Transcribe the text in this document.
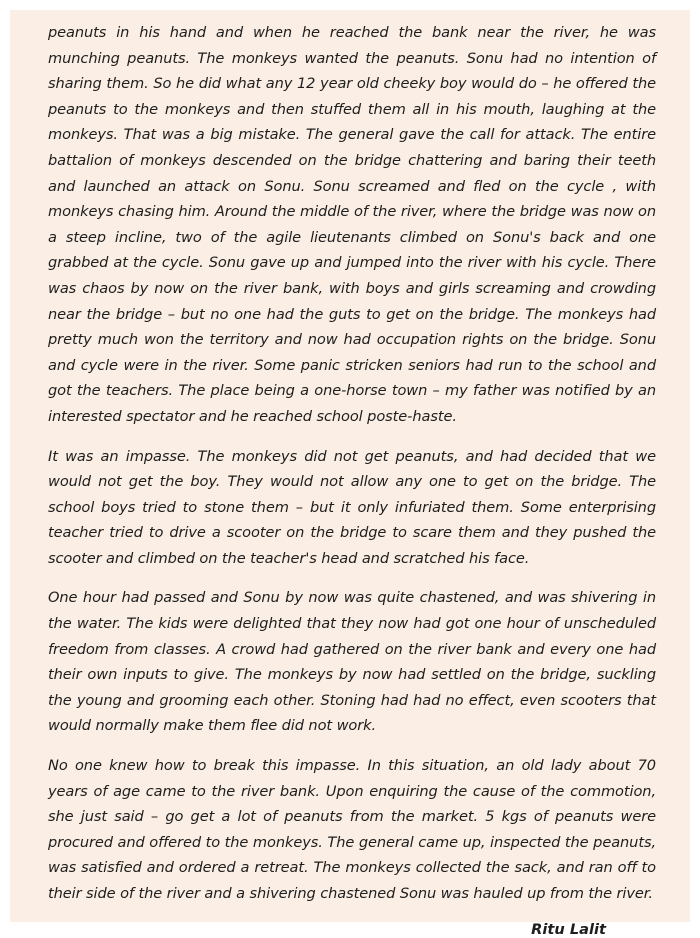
peanuts in his hand and when he reached the bank near the river, he was munching peanuts. The monkeys wanted the peanuts. Sonu had no intention of sharing them. So he did what any 12 year old cheeky boy would do – he offered the peanuts to the monkeys and then stuffed them all in his mouth, laughing at the monkeys. That was a big mistake. The general gave the call for attack. The entire battalion of monkeys descended on the bridge chattering and baring their teeth and launched an attack on Sonu. Sonu screamed and fled on the cycle , with monkeys chasing him. Around the middle of the river, where the bridge was now on a steep incline, two of the agile lieutenants climbed on Sonu's back and one grabbed at the cycle. Sonu gave up and jumped into the river with his cycle. There was chaos by now on the river bank, with boys and girls screaming and crowding near the bridge – but no one had the guts to get on the bridge. The monkeys had pretty much won the territory and now had occupation rights on the bridge. Sonu and cycle were in the river. Some panic stricken seniors had run to the school and got the teachers. The place being a one-horse town – my father was notified by an interested spectator and he reached school poste-haste.

It was an impasse. The monkeys did not get peanuts, and had decided that we would not get the boy. They would not allow any one to get on the bridge. The school boys tried to stone them – but it only infuriated them. Some enterprising teacher tried to drive a scooter on the bridge to scare them and they pushed the scooter and climbed on the teacher's head and scratched his face.

One hour had passed and Sonu by now was quite chastened, and was shivering in the water. The kids were delighted that they now had got one hour of unscheduled freedom from classes. A crowd had gathered on the river bank and every one had their own inputs to give. The monkeys by now had settled on the bridge, suckling the young and grooming each other. Stoning had had no effect, even scooters that would normally make them flee did not work.

No one knew how to break this impasse. In this situation, an old lady about 70 years of age came to the river bank. Upon enquiring the cause of the commotion, she just said – go get a lot of peanuts from the market. 5 kgs of peanuts were procured and offered to the monkeys. The general came up, inspected the peanuts, was satisfied and ordered a retreat. The monkeys collected the sack, and ran off to their side of the river and a shivering chastened Sonu was hauled up from the river.

Ritu Lalit
